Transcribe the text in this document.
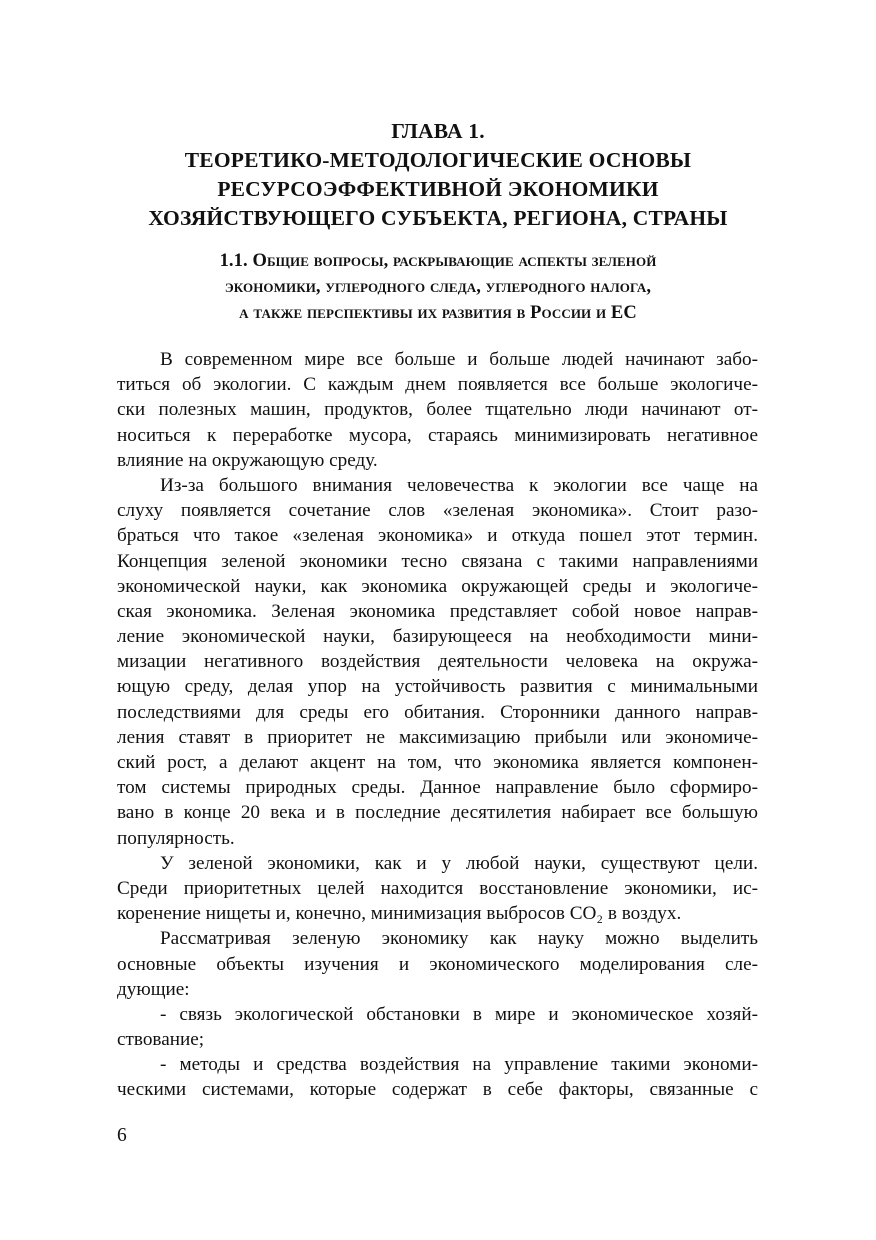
ГЛАВА 1.
ТЕОРЕТИКО-МЕТОДОЛОГИЧЕСКИЕ ОСНОВЫ
РЕСУРСОЭФФЕКТИВНОЙ ЭКОНОМИКИ
ХОЗЯЙСТВУЮЩЕГО СУБЪЕКТА, РЕГИОНА, СТРАНЫ
1.1. Общие вопросы, раскрывающие аспекты зеленой
экономики, углеродного следа, углеродного налога,
а также перспективы их развития в России и ЕС
В современном мире все больше и больше людей начинают забо-
титься об экологии. С каждым днем появляется все больше экологиче-
ски полезных машин, продуктов, более тщательно люди начинают от-
носиться к переработке мусора, стараясь минимизировать негативное
влияние на окружающую среду.
Из-за большого внимания человечества к экологии все чаще на
слуху появляется сочетание слов «зеленая экономика». Стоит разо-
браться что такое «зеленая экономика» и откуда пошел этот термин.
Концепция зеленой экономики тесно связана с такими направлениями
экономической науки, как экономика окружающей среды и экологиче-
ская экономика. Зеленая экономика представляет собой новое направ-
ление экономической науки, базирующееся на необходимости мини-
мизации негативного воздействия деятельности человека на окружа-
ющую среду, делая упор на устойчивость развития с минимальными
последствиями для среды его обитания. Сторонники данного направ-
ления ставят в приоритет не максимизацию прибыли или экономиче-
ский рост, а делают акцент на том, что экономика является компонен-
том системы природных среды. Данное направление было сформиро-
вано в конце 20 века и в последние десятилетия набирает все большую
популярность.
У зеленой экономики, как и у любой науки, существуют цели.
Среди приоритетных целей находится восстановление экономики, ис-
коренение нищеты и, конечно, минимизация выбросов CO₂ в воздух.
Рассматривая зеленую экономику как науку можно выделить
основные объекты изучения и экономического моделирования сле-
дующие:
- связь экологической обстановки в мире и экономическое хозяй-
ствование;
- методы и средства воздействия на управление такими экономи-
ческими системами, которые содержат в себе факторы, связанные с
6
